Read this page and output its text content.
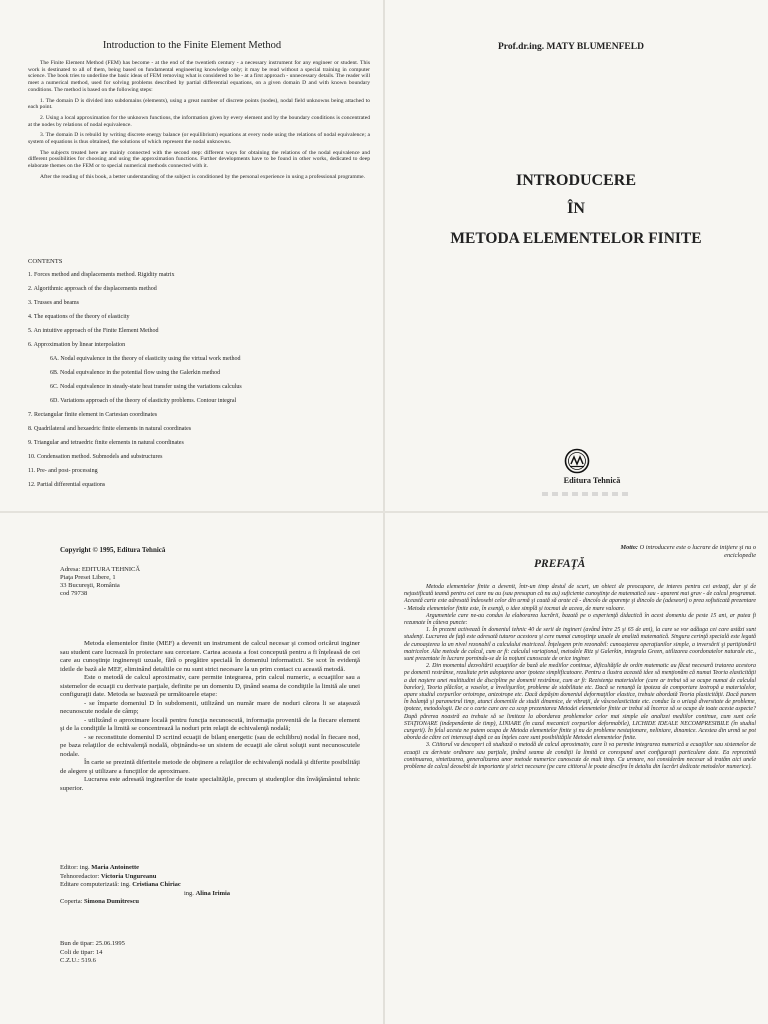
Introduction to the Finite Element Method

The Finite Element Method (FEM) has become - at the end of the twentieth century - a necessary instrument for any engineer or student. This work is destinated to all of them, being based on fundamental engineering knowledge only; it may be read without a special training in computer science. The book tries to underline the basic ideas of FEM removing what is considered to be - at a first approach - unnecessary details. The reader will meet a numerical method, used for solving problems described by partial differential equations, on a given domain D and with known boundary conditions. The method is based on the following steps:

1. The domain D is divided into subdomains (elements), using a great number of discrete points (nodes), nodal field unknowns being attached to each point.

2. Using a local approximation for the unknown functions, the information given by every element and by the boundary conditions is concentrated at the nodes by relations of nodal equivalence.

3. The domain D is rebuild by writing discrete energy balance (or equilibrium) equations at every node using the relations of nodal equivalence; a system of equations is thus obtained, the solutions of which represent the nodal unknowns.

The subjects treated here are mainly connected with the second step: different ways for obtaining the relations of the nodal equivalence and different possibilities for choosing and using the approximation functions. Further developments have to be found in other works, dedicated to deep elaborate themes on the FEM or to special numerical methods connected with it.

After the reading of this book, a better understanding of the subject is conditioned by the personal experience in using a professional programme.

CONTENTS
1. Forces method and displacements method. Rigidity matrix
2. Algorithmic approach of the displacements method
3. Trusses and beams
4. The equations of the theory of elasticity
5. An intuitive approach of the Finite Element Method
6. Approximation by linear interpolation
6A. Nodal equivalence in the theory of elasticity using the virtual work method
6B. Nodal equivalence in the potential flow using the Galerkin method
6C. Nodal equivalence in steady-state heat transfer using the variations calculus
6D. Variations approach of the theory of elasticity problems. Contour integral
7. Rectangular finite element in Cartesian coordinates
8. Quadrilateral and hexaedric finite elements in natural coordinates
9. Triangular and tetraedric finite elements in natural coordinates
10. Condensation method. Submodels and substructures
11. Pre- and post- processing
12. Partial differential equations
Prof.dr.ing. MATY BLUMENFELD
INTRODUCERE
ÎN
METODA ELEMENTELOR FINITE
Editura Tehnică
Copyright © 1995, Editura Tehnică
Adresa: EDITURA TEHNICĂ
Piaţa Presei Libere, 1
33 Bucureşti, România
cod 79738

Metoda elementelor finite (MEF) a devenit un instrument de calcul necesar şi comod oricărui inginer sau student care lucrează în proiectare sau cercetare. Cartea aceasta a fost concepută pentru a fi înţeleasă de cei care au cunoştinţe inginereşti uzuale, fără o pregătire specială în domeniul informaticii. Se scot în evidenţă ideile de bază ale MEF, eliminând detaliile ce nu sunt strict necesare la un prim contact cu această metodă.

Este o metodă de calcul aproximativ, care permite integrarea, prin calcul numeric, a ecuaţiilor sau a sistemelor de ecuaţii cu derivate parţiale, definite pe un domeniu D, ţinând seama de condiţiile la limită ale unei configuraţii date. Metoda se bazează pe următoarele etape:

- se împarte domeniul D în subdomenii, utilizând un număr mare de noduri cărora li se ataşează necunoscute nodale de câmp;

- utilizând o aproximare locală pentru funcţia necunoscută, informaţia provenită de la fiecare element şi de la condiţiile la limită se concentrează la noduri prin relaţii de echivalenţă nodală;

- se reconstituie domeniul D scriind ecuaţii de bilanţ energetic (sau de echilibru) nodal în fiecare nod, pe baza relaţiilor de echivalenţă nodală, obţinându-se un sistem de ecuaţii ale cărui soluţii sunt necunoscutele nodale.

În carte se prezintă diferitele metode de obţinere a relaţiilor de echivalenţă nodală şi diferite posibilităţi de alegere şi utilizare a funcţiilor de aproximare.

Lucrarea este adresată inginerilor de toate specialităţile, precum şi studenţilor din învăţământul tehnic superior.

Editor: ing. Maria Antoinette
Tehnoredactor: Victoria Ungureanu
Editare computerizată: ing. Cristiana Chiriac
ing. Alina Irimia
Coperta: Simona Dumitrescu
Bun de tipar: 25.06.1995
Coli de tipar: 14
C.Z.U.: 519.6
Motto: O introducere este o lucrare de iniţiere şi nu o enciclopedie
PREFAŢĂ

Metoda elementelor finite a devenit, într-un timp destul de scurt, un obiect de preocupare, de interes pentru cei avizaţi, dar şi de nejustificată teamă pentru cei care nu au (sau presupun că nu au) suficiente cunoştinţe de matematică sau - aparent mai grav - de calcul programat. Această carte este adresată îndeosebi celor din urmă şi caută să arate că - dincolo de aparenţe şi dincolo de (adeseori) o prea sofisticată prezentare - Metoda elementelor finite este, în esenţă, o idee simplă şi tocmai de aceea, de mare valoare.

Argumentele care ne-au condus la elaborarea lucrării, bazată pe o experienţă didactică în acest domeniu de peste 15 ani, ar putea fi rezumate în câteva puncte:

1. În prezent activează în domeniul tehnic 40 de serii de ingineri (având între 25 şi 65 de ani), la care se vor adăuga cei care astăzi sunt studenţi. Lucrarea de faţă este adresată tuturor acestora şi cere numai cunoştinţe uzuale de analiză matematică. Singura cerinţă specială este legată de cunoaşterea la un nivel rezonabil a calculului matriceal. Înţelegem prin rezonabil: cunoaşterea operaţiunilor simple, a inversării şi partiţionării matricelor. Alte metode de calcul, cum ar fi: calculul variaţional, metodele Ritz şi Galerkin, integrala Green, utilizarea coordonatelor naturale etc., sunt prezentate în lucrare pornindu-se de la noţiuni cunoscute de orice inginer.

2. Din momentul dezvoltării ecuaţiilor de bază ale mediilor continue, dificultăţile de ordin matematic au făcut necesară tratarea acestora pe domenii restrânse, rezultate prin adoptarea unor ipoteze simplificatoare. Pentru a ilustra această idee să menţionăm că numai Teoria elasticităţii a dat naştere unei multitudini de discipline pe domenii restrânse, cum ar fi: Rezistenţa materialelor (care ar trebui să se ocupe numai de calculul barelor), Teoria plăcilor, a vaselor, a învelişurilor, probleme de stabilitate etc. Dacă se renunţă la ipoteza de comportare izotropă a materialelor, apare studiul corpurilor ortotrope, anizotrope etc. Dacă depăşim domeniul deformaţiilor elastice, trebuie abordată Teoria plasticităţii. Dacă punem în balanţă şi parametrul timp, atunci domeniile de studii dinamice, de vibraţii, de vâscoelasticitate etc. conduc la o uriaşă diversitate de probleme, ipoteze, metodologii. De ce o carte care are ca scop prezentarea Metodei elementelor finite ar trebui să încerce să se ocupe de toate aceste aspecte? După părerea noastră ea trebuie să se limiteze la abordarea problemelor celor mai simple ale analizei mediilor continue, cum sunt cele STAŢIONARE (independente de timp), LINIARE (în cazul mecanicii corpurilor deformabile), LICHIDE IDEALE NECOMPRESIBILE (în studiul curgerii). În felul acesta ne putem ocupa de Metoda elementelor finite şi nu de probleme nestaţionare, neliniare, dinamice. Acestea din urmă se pot aborda de către cei interesaţi după ce au înţeles care sunt posibilităţile Metodei elementelor finite.

3. Cititorul va descoperi că studiază o metodă de calcul aproximativ, care îi va permite integrarea numerică a ecuaţiilor sau sistemelor de ecuaţii cu derivate ordinare sau parţiale, ţinând seama de condiţii la limită ce corespund unei configuraţii particulare date. Ea reprezintă continuarea, sintetizarea, generalizarea unor metode numerice cunoscute de mult timp. Ca urmare, noi considerăm necesar să tratăm aici unele probleme de calcul deosebit de importante şi strict necesare (pe care cititorul le poate descifra în detaliu din lucrări dedicate metodelor numerice).
